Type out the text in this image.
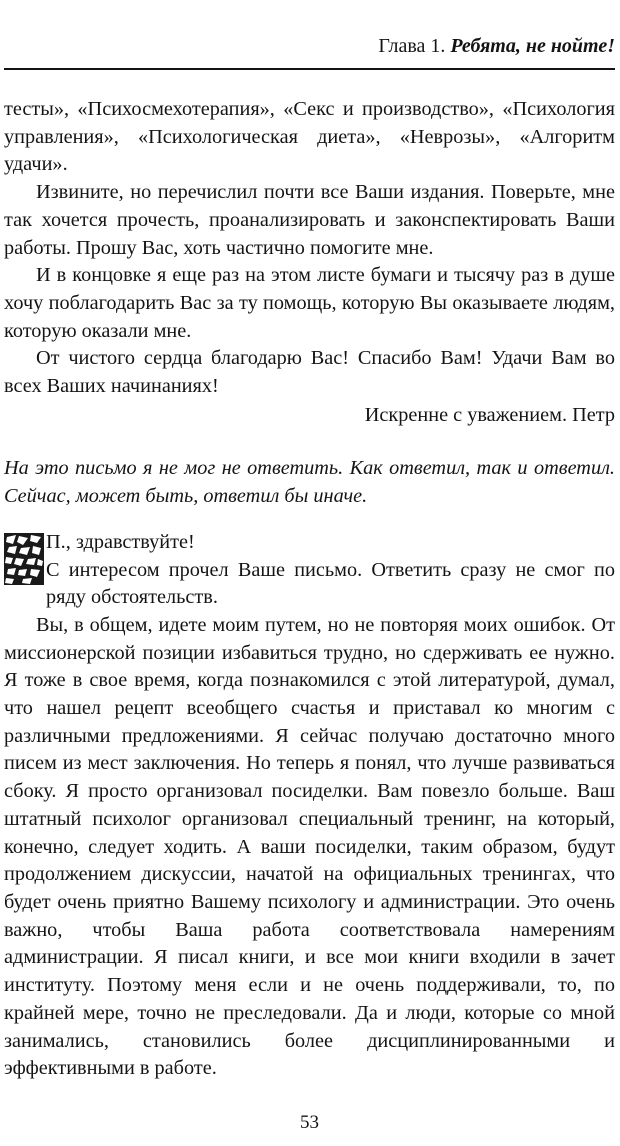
Глава 1. Ребята, не нойте!

тесты», «Психосмехотерапия», «Секс и производство», «Психология управления», «Психологическая диета», «Неврозы», «Алгоритм удачи».

Извините, но перечислил почти все Ваши издания. Поверьте, мне так хочется прочесть, проанализировать и законспектировать Ваши работы. Прошу Вас, хоть частично помогите мне.

И в концовке я еще раз на этом листе бумаги и тысячу раз в душе хочу поблагодарить Вас за ту помощь, которую Вы оказываете людям, которую оказали мне.

От чистого сердца благодарю Вас! Спасибо Вам! Удачи Вам во всех Ваших начинаниях!

Искренне с уважением. Петр

На это письмо я не мог не ответить. Как ответил, так и ответил. Сейчас, может быть, ответил бы иначе.

П., здравствуйте!

С интересом прочел Ваше письмо. Ответить сразу не смог по ряду обстоятельств.

Вы, в общем, идете моим путем, но не повторяя моих ошибок. От миссионерской позиции избавиться трудно, но сдерживать ее нужно. Я тоже в свое время, когда познакомился с этой литературой, думал, что нашел рецепт всеобщего счастья и приставал ко многим с различными предложениями. Я сейчас получаю достаточно много писем из мест заключения. Но теперь я понял, что лучше развиваться сбоку. Я просто организовал посиделки. Вам повезло больше. Ваш штатный психолог организовал специальный тренинг, на который, конечно, следует ходить. А ваши посиделки, таким образом, будут продолжением дискуссии, начатой на официальных тренингах, что будет очень приятно Вашему психологу и администрации. Это очень важно, чтобы Ваша работа соответствовала намерениям администрации. Я писал книги, и все мои книги входили в зачет институту. Поэтому меня если и не очень поддерживали, то, по крайней мере, точно не преследовали. Да и люди, которые со мной занимались, становились более дисциплинированными и эффективными в работе.

53
